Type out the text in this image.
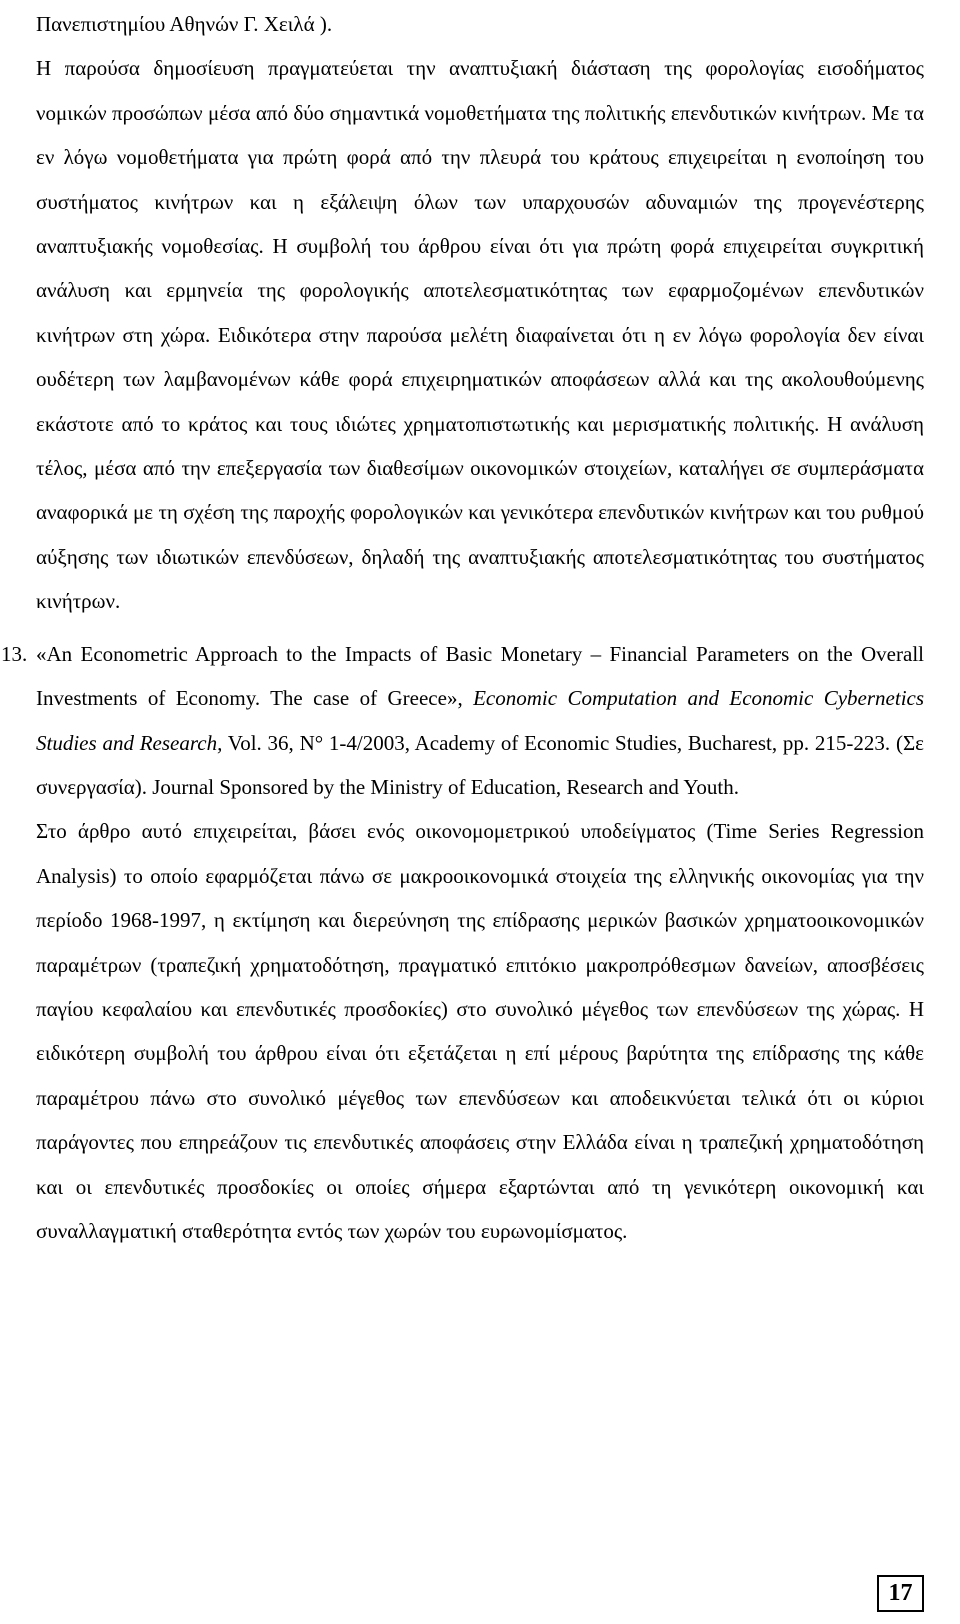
Πανεπιστημίου Αθηνών Γ. Χειλά ).

Η παρούσα δημοσίευση πραγματεύεται την αναπτυξιακή διάσταση της φορολογίας εισοδήματος νομικών προσώπων μέσα από δύο σημαντικά νομοθετήματα της πολιτικής επενδυτικών κινήτρων. Με τα εν λόγω νομοθετήματα για πρώτη φορά από την πλευρά του κράτους επιχειρείται η ενοποίηση του συστήματος κινήτρων και η εξάλειψη όλων των υπαρχουσών αδυναμιών της προγενέστερης αναπτυξιακής νομοθεσίας. Η συμβολή του άρθρου είναι ότι για πρώτη φορά επιχειρείται συγκριτική ανάλυση και ερμηνεία της φορολογικής αποτελεσματικότητας των εφαρμοζομένων επενδυτικών κινήτρων στη χώρα. Ειδικότερα στην παρούσα μελέτη διαφαίνεται ότι η εν λόγω φορολογία δεν είναι ουδέτερη των λαμβανομένων κάθε φορά επιχειρηματικών αποφάσεων αλλά και της ακολουθούμενης εκάστοτε από το κράτος και τους ιδιώτες χρηματοπιστωτικής και μερισματικής πολιτικής. Η ανάλυση τέλος, μέσα από την επεξεργασία των διαθεσίμων οικονομικών στοιχείων, καταλήγει σε συμπεράσματα αναφορικά με τη σχέση της παροχής φορολογικών και γενικότερα επενδυτικών κινήτρων και του ρυθμού αύξησης των ιδιωτικών επενδύσεων, δηλαδή της αναπτυξιακής αποτελεσματικότητας του συστήματος κινήτρων.

13. «An Econometric Approach to the Impacts of Basic Monetary – Financial Parameters on the Overall Investments of Economy. The case of Greece», Economic Computation and Economic Cybernetics Studies and Research, Vol. 36, N° 1-4/2003, Academy of Economic Studies, Bucharest, pp. 215-223. (Σε συνεργασία). Journal Sponsored by the Ministry of Education, Research and Youth.

Στο άρθρο αυτό επιχειρείται, βάσει ενός οικονομομετρικού υποδείγματος (Time Series Regression Analysis) το οποίο εφαρμόζεται πάνω σε μακροοικονομικά στοιχεία της ελληνικής οικονομίας για την περίοδο 1968-1997, η εκτίμηση και διερεύνηση της επίδρασης μερικών βασικών χρηματοοικονομικών παραμέτρων (τραπεζική χρηματοδότηση, πραγματικό επιτόκιο μακροπρόθεσμων δανείων, αποσβέσεις παγίου κεφαλαίου και επενδυτικές προσδοκίες) στο συνολικό μέγεθος των επενδύσεων της χώρας. Η ειδικότερη συμβολή του άρθρου είναι ότι εξετάζεται η επί μέρους βαρύτητα της επίδρασης της κάθε παραμέτρου πάνω στο συνολικό μέγεθος των επενδύσεων και αποδεικνύεται τελικά ότι οι κύριοι παράγοντες που επηρεάζουν τις επενδυτικές αποφάσεις στην Ελλάδα είναι η τραπεζική χρηματοδότηση και οι επενδυτικές προσδοκίες οι οποίες σήμερα εξαρτώνται από τη γενικότερη οικονομική και συναλλαγματική σταθερότητα εντός των χωρών του ευρωνομίσματος.

17
